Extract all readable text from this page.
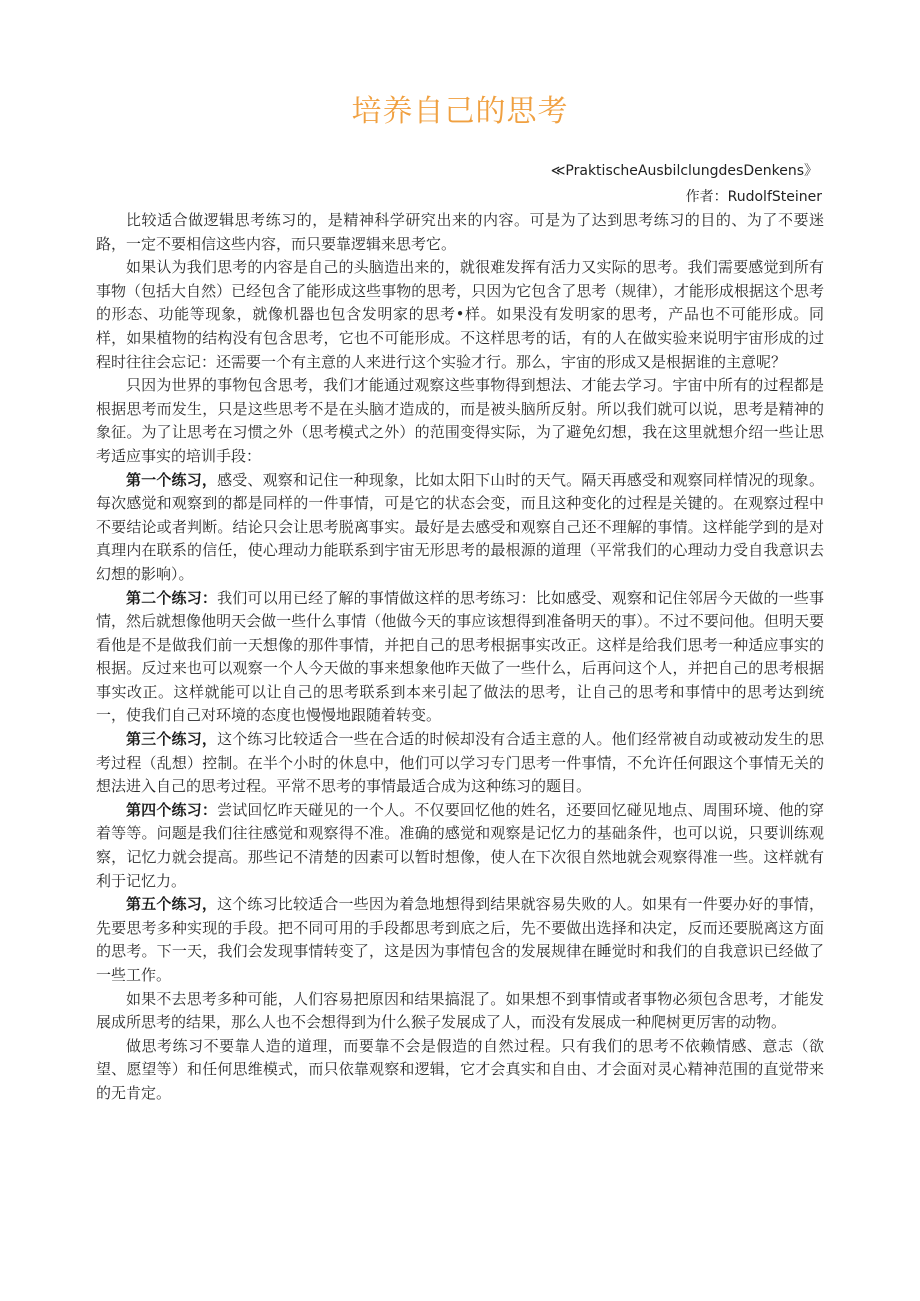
培养自己的思考
≪PraktischeAusbilclungdesDenkens》
作者：RudolfSteiner

比较适合做逻辑思考练习的，是精神科学研究出来的内容。可是为了达到思考练习的目的、为了不要迷路，一定不要相信这些内容，而只要靠逻辑来思考它。

如果认为我们思考的内容是自己的头脑造出来的，就很难发挥有活力又实际的思考。我们需要感觉到所有事物（包括大自然）已经包含了能形成这些事物的思考，只因为它包含了思考（规律），才能形成根据这个思考的形态、功能等现象，就像机器也包含发明家的思考•样。如果没有发明家的思考，产品也不可能形成。同样，如果植物的结构没有包含思考，它也不可能形成。不这样思考的话，有的人在做实验来说明宇宙形成的过程时往往会忘记：还需要一个有主意的人来进行这个实验才行。那么，宇宙的形成又是根据谁的主意呢？

只因为世界的事物包含思考，我们才能通过观察这些事物得到想法、才能去学习。宇宙中所有的过程都是根据思考而发生，只是这些思考不是在头脑才造成的，而是被头脑所反射。所以我们就可以说，思考是精神的象征。为了让思考在习惯之外（思考模式之外）的范围变得实际，为了避免幻想，我在这里就想介绍一些让思考适应事实的培训手段：

第一个练习，感受、观察和记住一种现象，比如太阳下山时的天气。隔天再感受和观察同样情况的现象。每次感觉和观察到的都是同样的一件事情，可是它的状态会变，而且这种变化的过程是关键的。在观察过程中不要结论或者判断。结论只会让思考脱离事实。最好是去感受和观察自己还不理解的事情。这样能学到的是对真理内在联系的信任，使心理动力能联系到宇宙无形思考的最根源的道理（平常我们的心理动力受自我意识去幻想的影响）。

第二个练习：我们可以用已经了解的事情做这样的思考练习：比如感受、观察和记住邻居今天做的一些事情，然后就想像他明天会做一些什么事情（他做今天的事应该想得到准备明天的事）。不过不要问他。但明天要看他是不是做我们前一天想像的那件事情，并把自己的思考根据事实改正。这样是给我们思考一种适应事实的根据。反过来也可以观察一个人今天做的事来想象他昨天做了一些什么，后再问这个人，并把自己的思考根据事实改正。这样就能可以让自己的思考联系到本来引起了做法的思考，让自己的思考和事情中的思考达到统一，使我们自己对环境的态度也慢慢地跟随着转变。

第三个练习，这个练习比较适合一些在合适的时候却没有合适主意的人。他们经常被自动或被动发生的思考过程（乱想）控制。在半个小时的休息中，他们可以学习专门思考一件事情，不允许任何跟这个事情无关的想法进入自己的思考过程。平常不思考的事情最适合成为这种练习的题目。

第四个练习：尝试回忆昨天碰见的一个人。不仅要回忆他的姓名，还要回忆碰见地点、周围环境、他的穿着等等。问题是我们往往感觉和观察得不准。准确的感觉和观察是记忆力的基础条件，也可以说，只要训练观察，记忆力就会提高。那些记不清楚的因素可以暂时想像，使人在下次很自然地就会观察得准一些。这样就有利于记忆力。

第五个练习，这个练习比较适合一些因为着急地想得到结果就容易失败的人。如果有一件要办好的事情，先要思考多种实现的手段。把不同可用的手段都思考到底之后，先不要做出选择和决定，反而还要脱离这方面的思考。下一天，我们会发现事情转变了，这是因为事情包含的发展规律在睡觉时和我们的自我意识已经做了一些工作。

如果不去思考多种可能，人们容易把原因和结果搞混了。如果想不到事情或者事物必须包含思考，才能发展成所思考的结果，那么人也不会想得到为什么猴子发展成了人，而没有发展成一种爬树更厉害的动物。

做思考练习不要靠人造的道理，而要靠不会是假造的自然过程。只有我们的思考不依赖情感、意志（欲望、愿望等）和任何思维模式，而只依靠观察和逻辑，它才会真实和自由、才会面对灵心精神范围的直觉带来的无肯定。
